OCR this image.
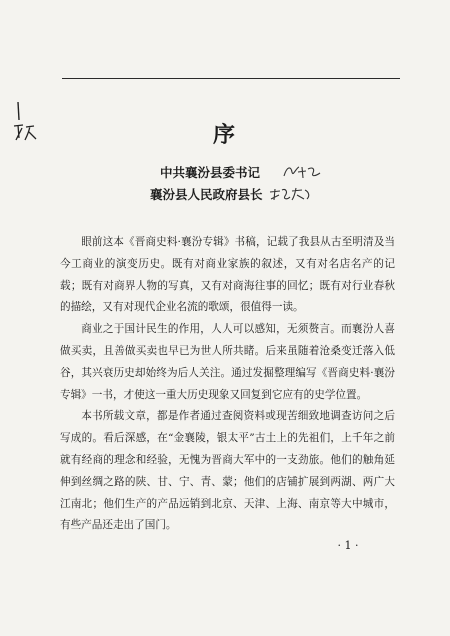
序
中共襄汾县委书记
襄汾县人民政府县长

眼前这本《晋商史料·襄汾专辑》书稿，记载了我县从古至明清及当今工商业的演变历史。既有对商业家族的叙述，又有对名店名产的记载；既有对商界人物的写真，又有对商海往事的回忆；既有对行业春秋的描绘，又有对现代企业名流的歌颂，很值得一读。

商业之于国计民生的作用，人人可以感知，无须赘言。而襄汾人喜做买卖，且善做买卖也早已为世人所共睹。后来虽随着沧桑变迁落入低谷，其兴衰历史却始终为后人关注。通过发掘整理编写《晋商史料·襄汾专辑》一书，才使这一重大历史现象又回复到它应有的史学位置。

本书所载文章，都是作者通过查阅资料或现苦细致地调查访问之后写成的。看后深感，在“金襄陵，银太平”古土上的先祖们，上千年之前就有经商的理念和经验，无愧为晋商大军中的一支劲旅。他们的触角延伸到丝绸之路的陕、甘、宁、青、蒙；他们的店铺扩展到两湖、两广大江南北；他们生产的产品远销到北京、天津、上海、南京等大中城市，有些产品还走出了国门。

· 1 ·
